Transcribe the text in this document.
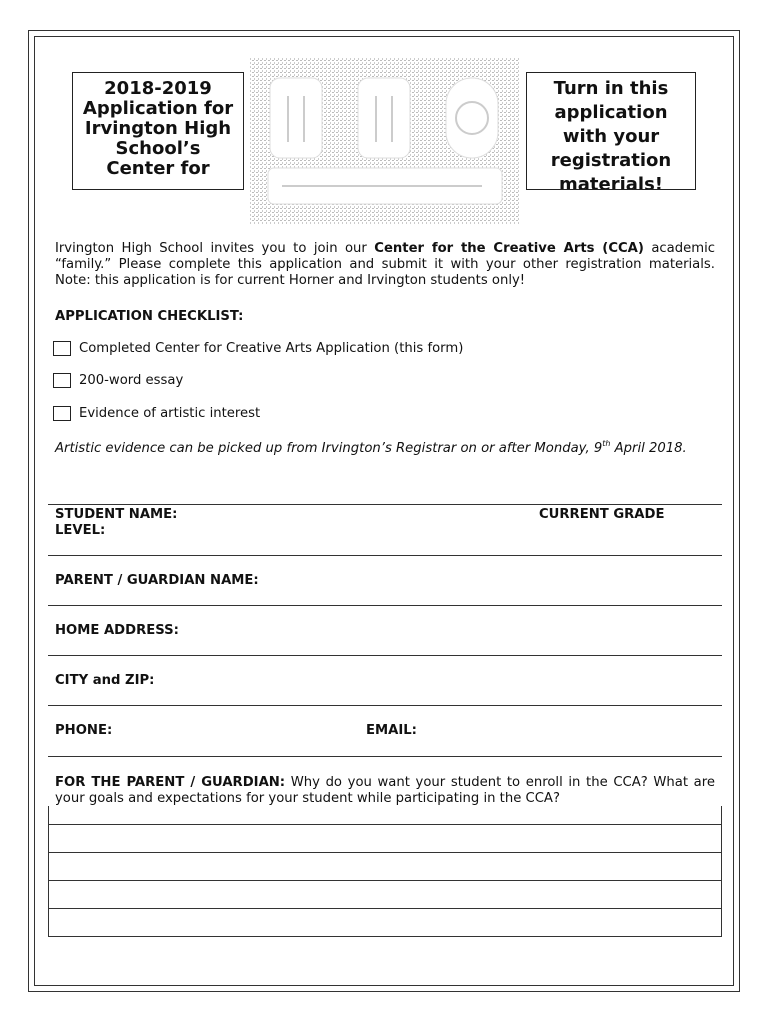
2018-2019
Application for
Irvington High
School’s
Center for
Turn in this
application
with your
registration
materials!
Irvington High School invites you to join our Center for the Creative Arts (CCA) academic “family.” Please complete this application and submit it with your other registration materials. Note: this application is for current Horner and Irvington students only!
APPLICATION CHECKLIST:
Completed Center for Creative Arts Application (this form)
200-word essay
Evidence of artistic interest
Artistic evidence can be picked up from Irvington’s Registrar on or after Monday, 9th April 2018.
STUDENT NAME:	CURRENT GRADE
LEVEL:
PARENT / GUARDIAN NAME:
HOME ADDRESS:
CITY and ZIP:
PHONE:	EMAIL:
FOR THE PARENT / GUARDIAN: Why do you want your student to enroll in the CCA? What are your goals and expectations for your student while participating in the CCA?
